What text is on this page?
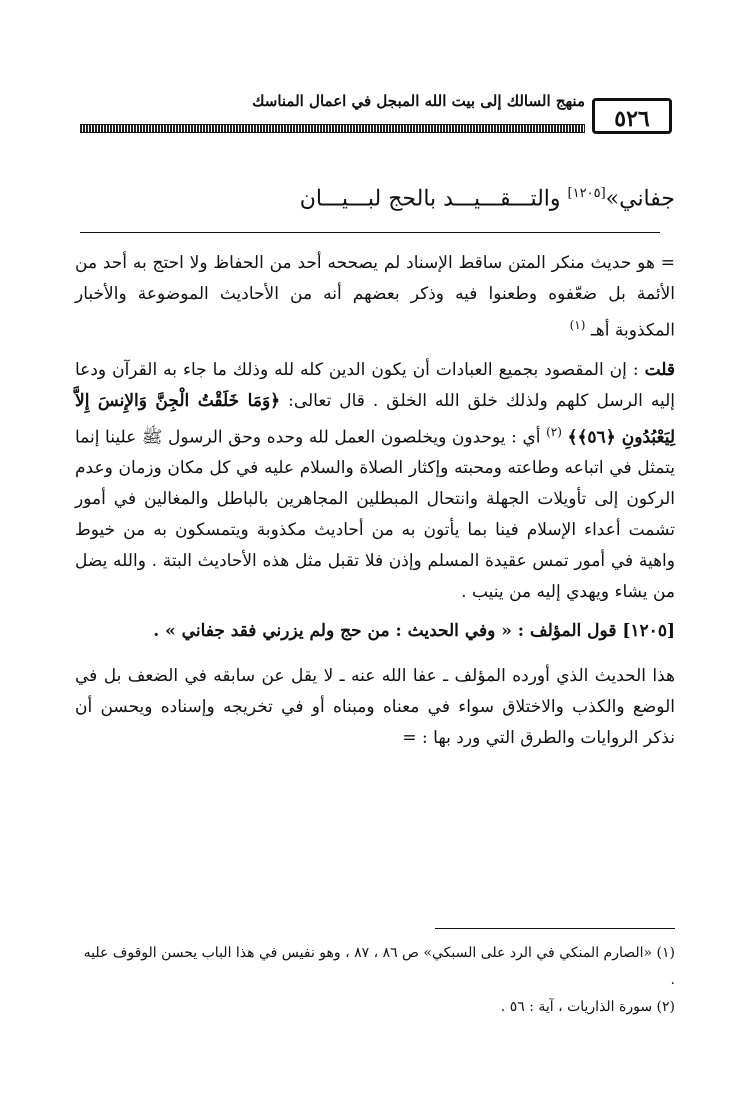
منهج السالك إلى بيت الله المبجل في اعمال المناسك
٥٢٦
جفاني»[١٢٠٥] والتـــقـــيـــد بالحج لبـــيـــان

= هو حديث منكر المتن ساقط الإسناد لم يصححه أحد من الحفاظ ولا احتج به أحد من الأئمة بل ضعّفوه وطعنوا فيه وذكر بعضهم أنه من الأحاديث الموضوعة والأخبار المكذوبة أهـ $^{(١)}$

قلت : إن المقصود بجميع العبادات أن يكون الدين كله لله وذلك ما جاء به القرآن ودعا إليه الرسل كلهم ولذلك خلق الله الخلق . قال تعالى: ﴿وَمَا خَلَقْتُ الْجِنَّ وَالإِنسَ إِلاَّ لِيَعْبُدُونِ ﴿٥٦﴾﴾ $^{(٢)}$ أي : يوحدون ويخلصون العمل لله وحده وحق الرسول ﷺ علينا إنما يتمثل في اتباعه وطاعته ومحبته وإكثار الصلاة والسلام عليه في كل مكان وزمان وعدم الركون إلى تأويلات الجهلة وانتحال المبطلين المجاهرين بالباطل والمغالين في أمور تشمت أعداء الإسلام فينا بما يأتون به من أحاديث مكذوبة ويتمسكون به من خيوط واهية في أمور تمس عقيدة المسلم وإذن فلا تقبل مثل هذه الأحاديث البتة . والله يضل من يشاء ويهدي إليه من ينيب .

[١٢٠٥] قول المؤلف : « وفي الحديث : من حج ولم يزرني فقد جفاني » .

هذا الحديث الذي أورده المؤلف ـ عفا الله عنه ـ لا يقل عن سابقه في الضعف بل في الوضع والكذب والاختلاق سواء في معناه ومبناه أو في تخريجه وإسناده ويحسن أن نذكر الروايات والطرق التي ورد بها : =

(١) «الصارم المنكي في الرد على السبكي» ص ٨٦ ، ٨٧ ، وهو نفيس في هذا الباب يحسن الوقوف عليه .

(٢) سورة الذاريات ، آية : ٥٦ .
